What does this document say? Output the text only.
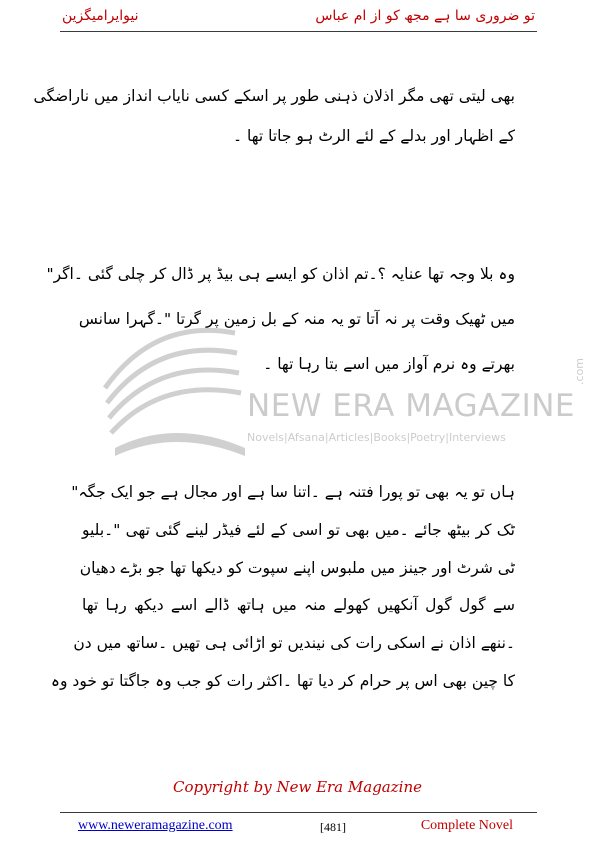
نیوایرامیگزین	تو ضروری سا ہے مجھ کو از ام عباس
NEW ERA MAGAZINE
.com
Novels|Afsana|Articles|Books|Poetry|Interviews
بھی لیتی تھی مگر اذلان ذہنی طور پر اسکے کسی نایاب انداز میں ناراضگی
کے اظہار اور بدلے کے لئے الرٹ ہو جاتا تھا ۔
وہ بلا وجہ تھا عنایہ ؟۔تم اذان کو ایسے ہی بیڈ پر ڈال کر چلی گئی ۔اگر"
میں ٹھیک وقت پر نہ آتا تو یہ منہ کے بل زمین پر گرتا "۔گہرا سانس
بھرتے وہ نرم آواز میں اسے بتا رہا تھا ۔
ہاں تو یہ بھی تو پورا فتنہ ہے ۔اتنا سا ہے اور مجال ہے جو ایک جگہ"
ٹک کر بیٹھ جائے ۔میں بھی تو اسی کے لئے فیڈر لینے گئی تھی "۔بلیو
ٹی شرٹ اور جینز میں ملبوس اپنے سپوت کو دیکھا تھا جو بڑے دھیان
سے گول گول آنکھیں کھولے منہ میں ہاتھ ڈالے اسے دیکھ رہا تھا
۔ننھے اذان نے اسکی رات کی نیندیں تو اڑائی ہی تھیں ۔ساتھ میں دن
کا چین بھی اس پر حرام کر دیا تھا ۔اکثر رات کو جب وہ جاگتا تو خود وہ
Copyright by New Era Magazine
www.neweramagazine.com	[481]	Complete Novel
